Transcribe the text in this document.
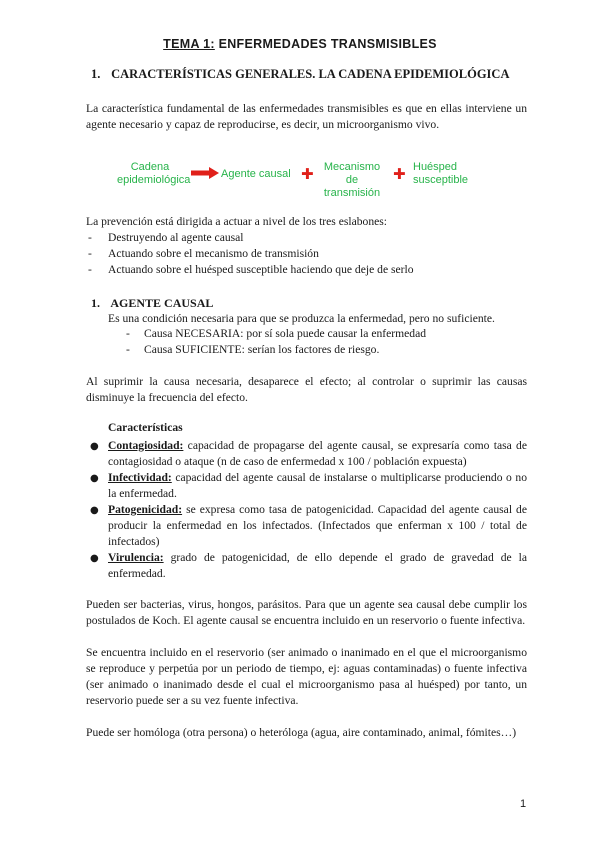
TEMA 1: ENFERMEDADES TRANSMISIBLES
1. CARACTERÍSTICAS GENERALES. LA CADENA EPIDEMIOLÓGICA
La característica fundamental de las enfermedades transmisibles es que en ellas interviene un agente necesario y capaz de reproducirse, es decir, un microorganismo vivo.
Cadena
epidemiológica	Agente causal ✚ Mecanismo
de
transmisión
✚ Huésped
susceptible
La prevención está dirigida a actuar a nivel de los tres eslabones:
-	Destruyendo al agente causal
-	Actuando sobre el mecanismo de transmisión
-	Actuando sobre el huésped susceptible haciendo que deje de serlo
1. AGENTE CAUSAL
Es una condición necesaria para que se produzca la enfermedad, pero no suficiente.
-	Causa NECESARIA: por sí sola puede causar la enfermedad
-	Causa SUFICIENTE: serían los factores de riesgo.
Al suprimir la causa necesaria, desaparece el efecto; al controlar o suprimir las causas disminuye la frecuencia del efecto.
Características
● Contagiosidad: capacidad de propagarse del agente causal, se expresaría como tasa de contagiosidad o ataque (n de caso de enfermedad x 100 / población expuesta)
● Infectividad: capacidad del agente causal de instalarse o multiplicarse produciendo o no la enfermedad.
● Patogenicidad: se expresa como tasa de patogenicidad. Capacidad del agente causal de producir la enfermedad en los infectados. (Infectados que enferman x 100 / total de infectados)
● Virulencia: grado de patogenicidad, de ello depende el grado de gravedad de la enfermedad.
Pueden ser bacterias, virus, hongos, parásitos. Para que un agente sea causal debe cumplir los postulados de Koch. El agente causal se encuentra incluido en un reservorio o fuente infectiva.
Se encuentra incluido en el reservorio (ser animado o inanimado en el que el microorganismo se reproduce y perpetúa por un periodo de tiempo, ej: aguas contaminadas) o fuente infectiva (ser animado o inanimado desde el cual el microorganismo pasa al huésped) por tanto, un reservorio puede ser a su vez fuente infectiva.
Puede ser homóloga (otra persona) o heteróloga (agua, aire contaminado, animal, fómites…)
1
